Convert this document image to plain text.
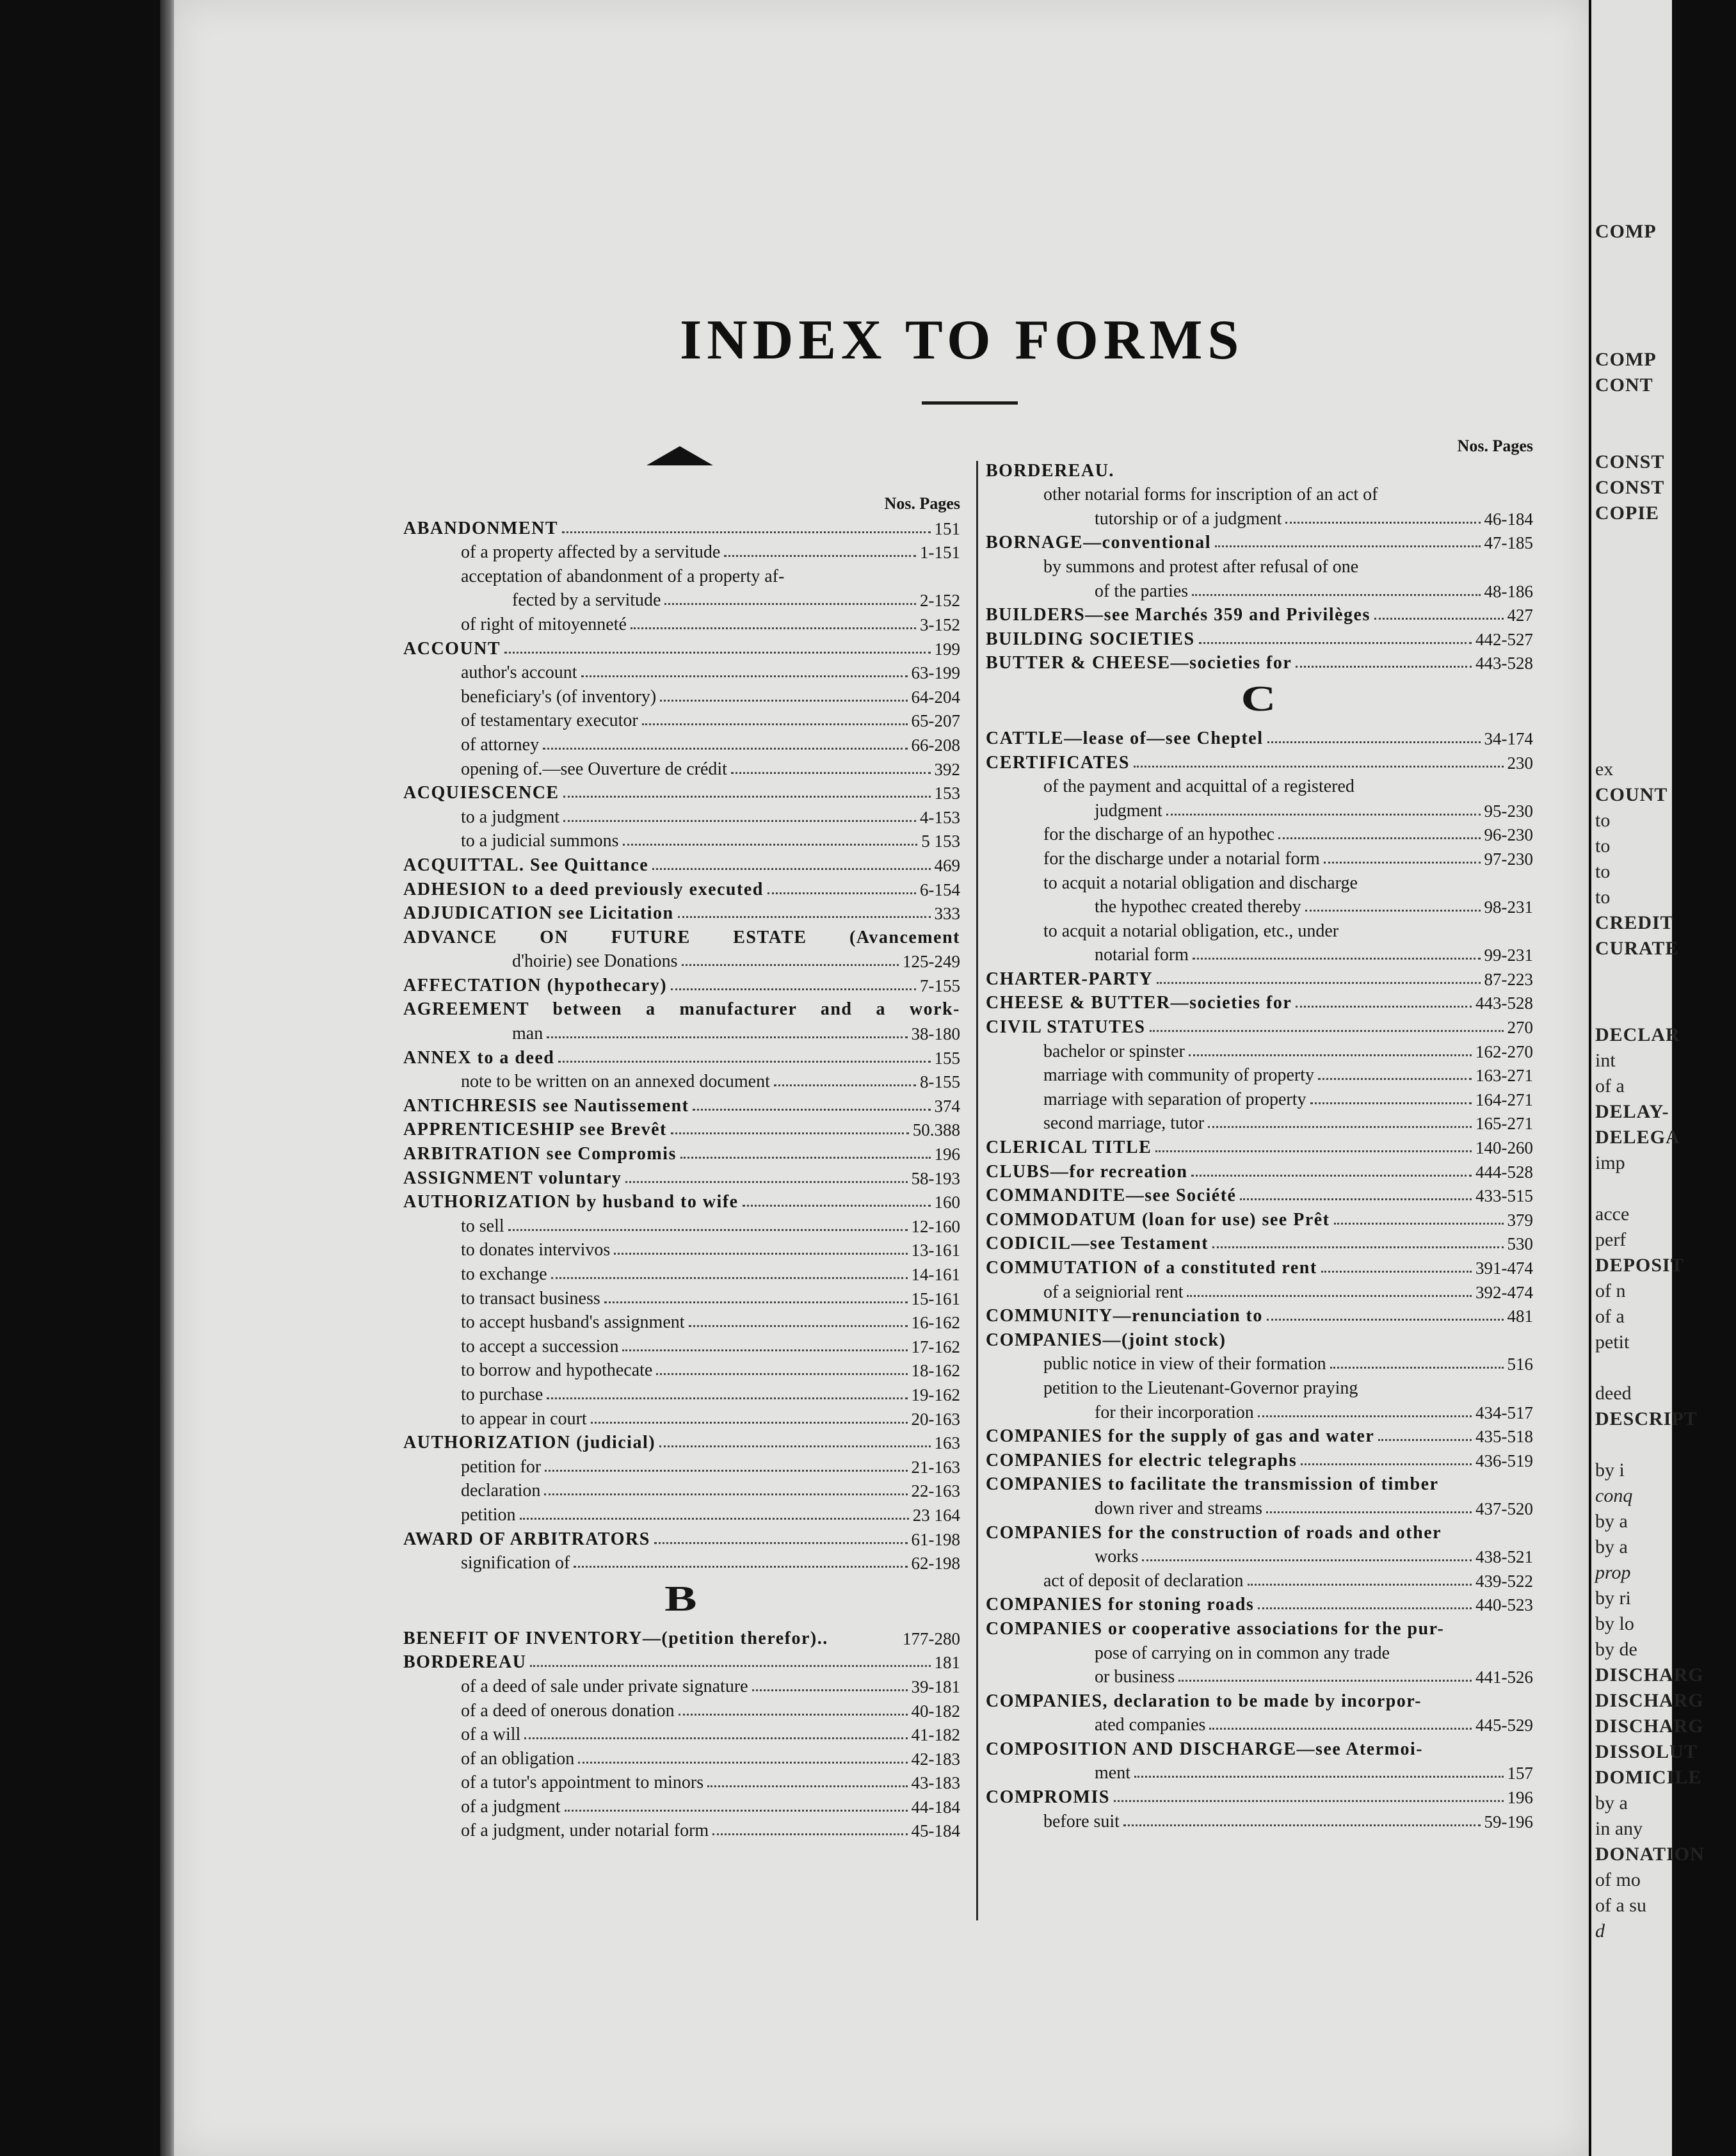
INDEX TO FORMS
Nos. Pages
ABANDONMENT	151
of a property affected by a servitude	1-151
acceptation of abandonment of a property af-
fected by a servitude	2-152
of right of mitoyenneté	3-152
ACCOUNT	199
author's account	63-199
beneficiary's (of inventory)	64-204
of testamentary executor	65-207
of attorney	66-208
opening of.—see Ouverture de crédit	392
ACQUIESCENCE	153
to a judgment	4-153
to a judicial summons	5 153
ACQUITTAL. See Quittance	469
ADHESION to a deed previously executed	6-154
ADJUDICATION see Licitation	333
ADVANCE ON FUTURE ESTATE (Avancement
d'hoirie) see Donations	125-249
AFFECTATION (hypothecary)	7-155
AGREEMENT between a manufacturer and a work-
man	38-180
ANNEX to a deed	155
note to be written on an annexed document	8-155
ANTICHRESIS see Nautissement	374
APPRENTICESHIP see Brevêt	50.388
ARBITRATION see Compromis	196
ASSIGNMENT voluntary	58-193
AUTHORIZATION by husband to wife	160
to sell	12-160
to donates intervivos	13-161
to exchange	14-161
to transact business	15-161
to accept husband's assignment	16-162
to accept a succession	17-162
to borrow and hypothecate	18-162
to purchase	19-162
to appear in court	20-163
AUTHORIZATION (judicial)	163
petition for	21-163
declaration	22-163
petition	23 164
AWARD OF ARBITRATORS	61-198
signification of	62-198
B
BENEFIT OF INVENTORY—(petition therefor)..	177-280
BORDEREAU	181
of a deed of sale under private signature	39-181
of a deed of onerous donation	40-182
of a will	41-182
of an obligation	42-183
of a tutor's appointment to minors	43-183
of a judgment	44-184
of a judgment, under notarial form	45-184
Nos. Pages
BORDEREAU.
other notarial forms for inscription of an act of
tutorship or of a judgment	46-184
BORNAGE—conventional	47-185
by summons and protest after refusal of one
of the parties	48-186
BUILDERS—see Marchés 359 and Privilèges	427
BUILDING SOCIETIES	442-527
BUTTER & CHEESE—societies for	443-528
C
CATTLE—lease of—see Cheptel	34-174
CERTIFICATES	230
of the payment and acquittal of a registered
judgment	95-230
for the discharge of an hypothec	96-230
for the discharge under a notarial form	97-230
to acquit a notarial obligation and discharge
the hypothec created thereby	98-231
to acquit a notarial obligation, etc., under
notarial form	99-231
CHARTER-PARTY	87-223
CHEESE & BUTTER—societies for	443-528
CIVIL STATUTES	270
bachelor or spinster	162-270
marriage with community of property	163-271
marriage with separation of property	164-271
second marriage, tutor	165-271
CLERICAL TITLE	140-260
CLUBS—for recreation	444-528
COMMANDITE—see Société	433-515
COMMODATUM (loan for use) see Prêt	379
CODICIL—see Testament	530
COMMUTATION of a constituted rent	391-474
of a seigniorial rent	392-474
COMMUNITY—renunciation to	481
COMPANIES—(joint stock)
public notice in view of their formation	516
petition to the Lieutenant-Governor praying
for their incorporation	434-517
COMPANIES for the supply of gas and water	435-518
COMPANIES for electric telegraphs	436-519
COMPANIES to facilitate the transmission of timber
down river and streams	437-520
COMPANIES for the construction of roads and other
works	438-521
act of deposit of declaration	439-522
COMPANIES for stoning roads	440-523
COMPANIES or cooperative associations for the pur-
pose of carrying on in common any trade
or business	441-526
COMPANIES, declaration to be made by incorpor-
ated companies	445-529
COMPOSITION AND DISCHARGE—see Atermoi-
ment	157
COMPROMIS	196
before suit	59-196
COMP
COMP
CONT
CONST
CONST
COPIE
ex
COUNT
to
to
to
to
CREDIT
CURATE
DECLAR
int
of a
DELAY-
DELEGA
imp
acce
perf
DEPOSIT
of n
of a
petit
deed
DESCRIPT
by i
conq
by a
by a
prop
by ri
by lo
by de
DISCHARG
DISCHARG
DISCHARG
DISSOLUT
DOMICILE
by a
in any
DONATION
of mo
of a su
d
